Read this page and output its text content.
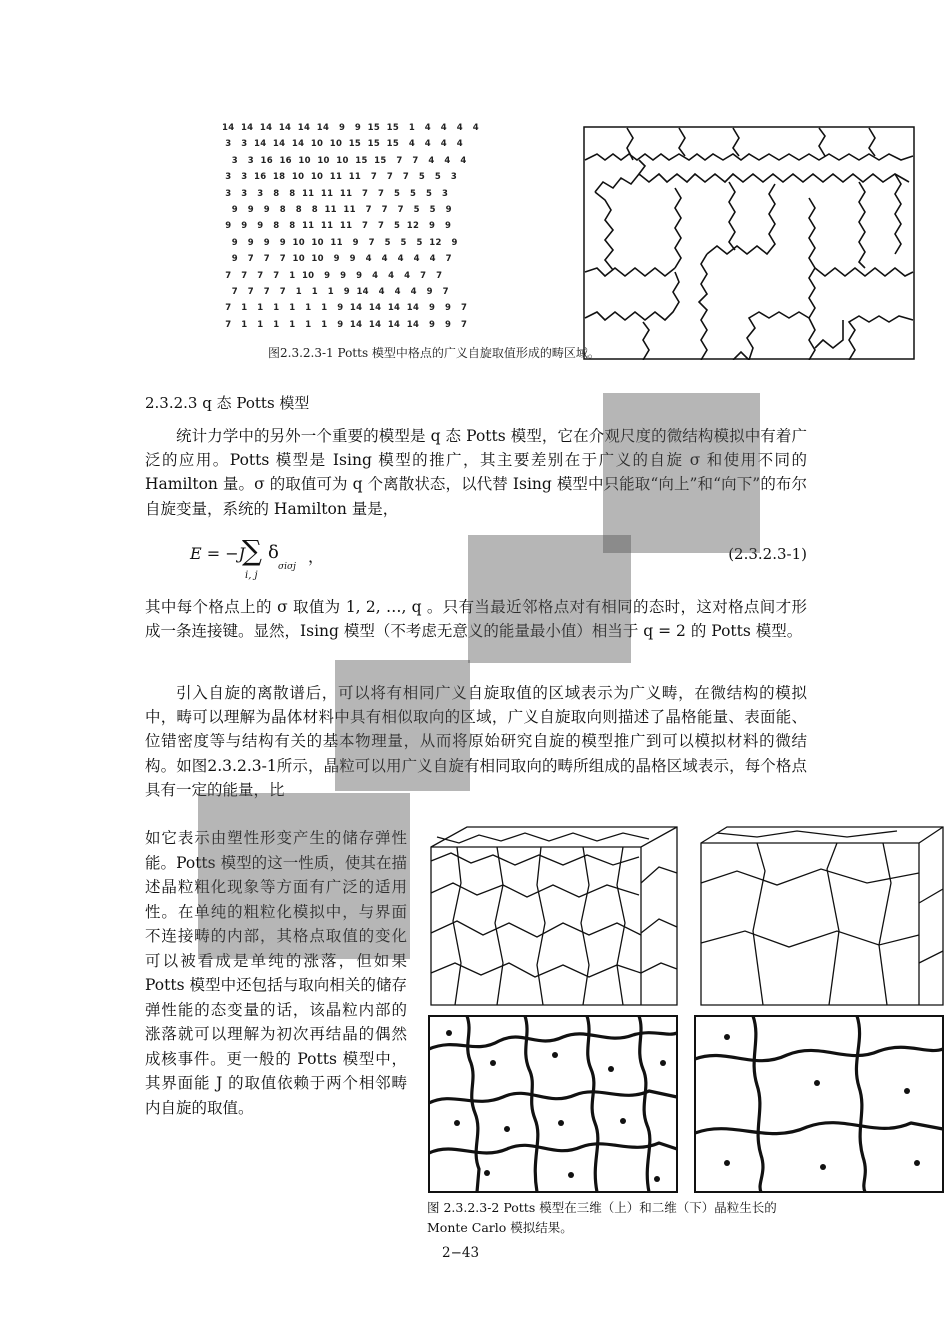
14  14  14  14  14  14   9   9  15  15   1   4   4   4   4
3   3  14  14  14  10  10  15  15  15   4   4   4   4
3   3  16  16  10  10  10  15  15   7   7   4   4   4
3   3  16  18  10  10  11  11   7   7   7   5   5   3
3   3   3   8   8  11  11  11   7   7   5   5   5   3
9   9   9   8   8   8  11  11   7   7   7   5   5   9
9   9   9   8   8  11  11  11   7   7   5  12   9   9
9   9   9   9  10  10  11   9   7   5   5   5  12   9
9   7   7   7  10  10   9   9   4   4   4   4   4   7
7   7   7   7   1  10   9   9   9   4   4   4   7   7
7   7   7   7   1   1   1   9  14   4   4   4   9   7
7   1   1   1   1   1   1   9  14  14  14  14   9   9   7
7   1   1   1   1   1   1   9  14  14  14  14   9   9   7
图2.3.2.3-1 Potts 模型中格点的广义自旋取值形成的畴区域。
2.3.2.3 q 态 Potts 模型

统计力学中的另外一个重要的模型是 q 态 Potts 模型，它在介观尺度的微结构模拟中有着广泛的应用。Potts 模型是 Ising 模型的推广，其主要差别在于广义的自旋 σ 和使用不同的 Hamilton 量。σ 的取值可为 q 个离散状态，以代替 Ising 模型中只能取“向上”和“向下”的布尔自旋变量，系统的 Hamilton 量是，

E = −J
∑
i, j
δ
σiσj
，	(2.3.2.3-1)

其中每个格点上的 σ 取值为 1, 2, …, q 。只有当最近邻格点对有相同的态时，这对格点间才形成一条连接键。显然，Ising 模型（不考虑无意义的能量最小值）相当于 q = 2 的 Potts 模型。

引入自旋的离散谱后，可以将有相同广义自旋取值的区域表示为广义畴，在微结构的模拟中，畴可以理解为晶体材料中具有相似取向的区域，广义自旋取向则描述了晶格能量、表面能、位错密度等与结构有关的基本物理量，从而将原始研究自旋的模型推广到可以模拟材料的微结构。如图2.3.2.3-1所示，晶粒可以用广义自旋有相同取向的畴所组成的晶格区域表示，每个格点具有一定的能量，比

如它表示由塑性形变产生的储存弹性能。Potts 模型的这一性质，使其在描述晶粒粗化现象等方面有广泛的适用性。在单纯的粗粒化模拟中，与界面不连接畴的内部，其格点取值的变化可以被看成是单纯的涨落，但如果 Potts 模型中还包括与取向相关的储存弹性能的态变量的话，该晶粒内部的涨落就可以理解为初次再结晶的偶然成核事件。更一般的 Potts 模型中，其界面能 J 的取值依赖于两个相邻畴内自旋的取值。

图 2.3.2.3-2 Potts 模型在三维（上）和二维（下）晶粒生长的 Monte Carlo 模拟结果。
2−43
